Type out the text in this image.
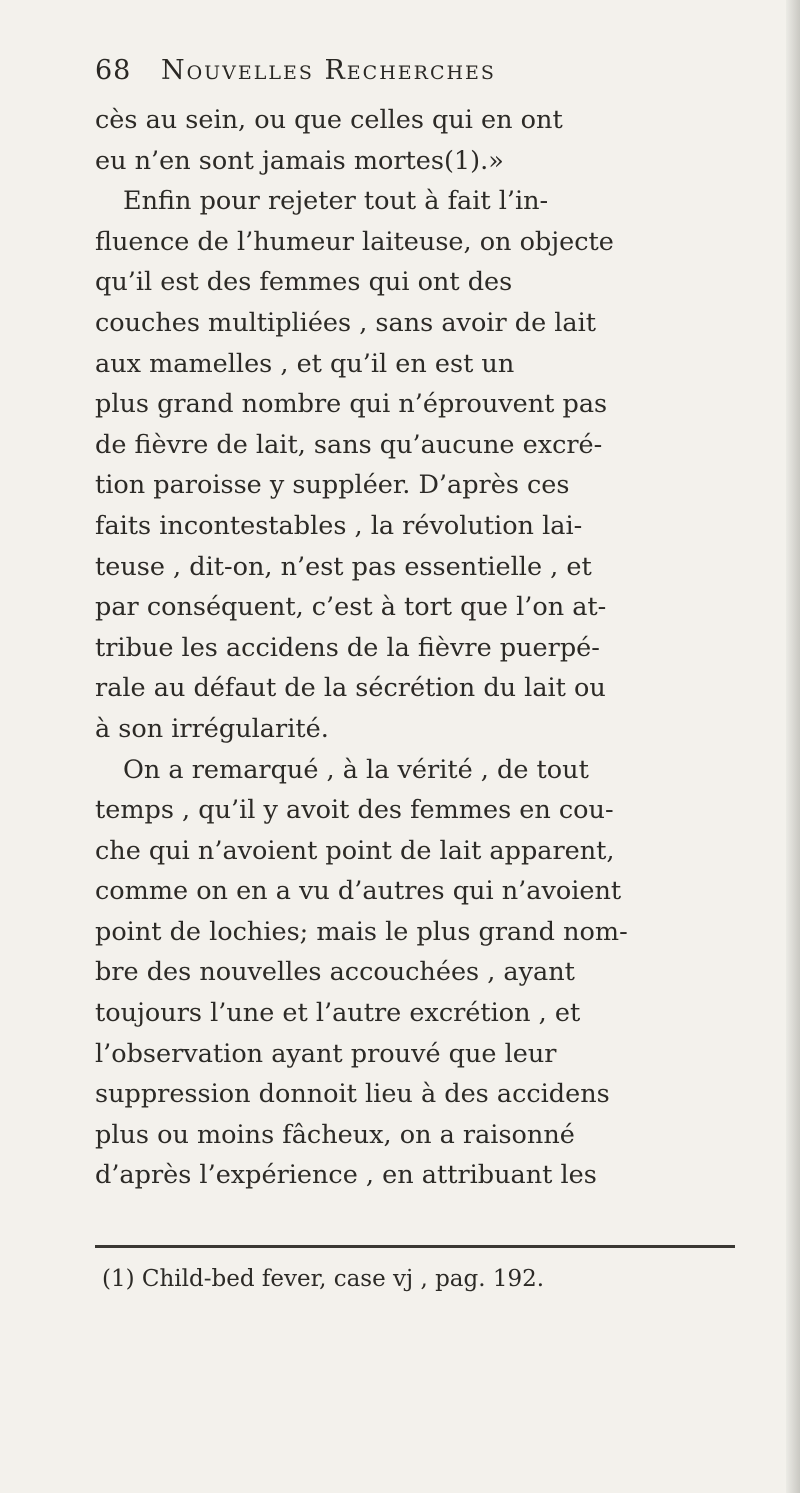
68 Nouvelles Recherches
cès au sein, ou que celles qui en ont
eu n’en sont jamais mortes(1).»
Enfin pour rejeter tout à fait l’in-
fluence de l’humeur laiteuse, on objecte
qu’il est des femmes qui ont des
couches multipliées , sans avoir de lait
aux mamelles , et qu’il en est un
plus grand nombre qui n’éprouvent pas
de fièvre de lait, sans qu’aucune excré-
tion paroisse y suppléer. D’après ces
faits incontestables , la révolution lai-
teuse , dit-on, n’est pas essentielle , et
par conséquent, c’est à tort que l’on at-
tribue les accidens de la fièvre puerpé-
rale au défaut de la sécrétion du lait ou
à son irrégularité.
On a remarqué , à la vérité , de tout
temps , qu’il y avoit des femmes en cou-
che qui n’avoient point de lait apparent,
comme on en a vu d’autres qui n’avoient
point de lochies; mais le plus grand nom-
bre des nouvelles accouchées , ayant
toujours l’une et l’autre excrétion , et
l’observation ayant prouvé que leur
suppression donnoit lieu à des accidens
plus ou moins fâcheux, on a raisonné
d’après l’expérience , en attribuant les
(1) Child-bed fever, case vj , pag. 192.
